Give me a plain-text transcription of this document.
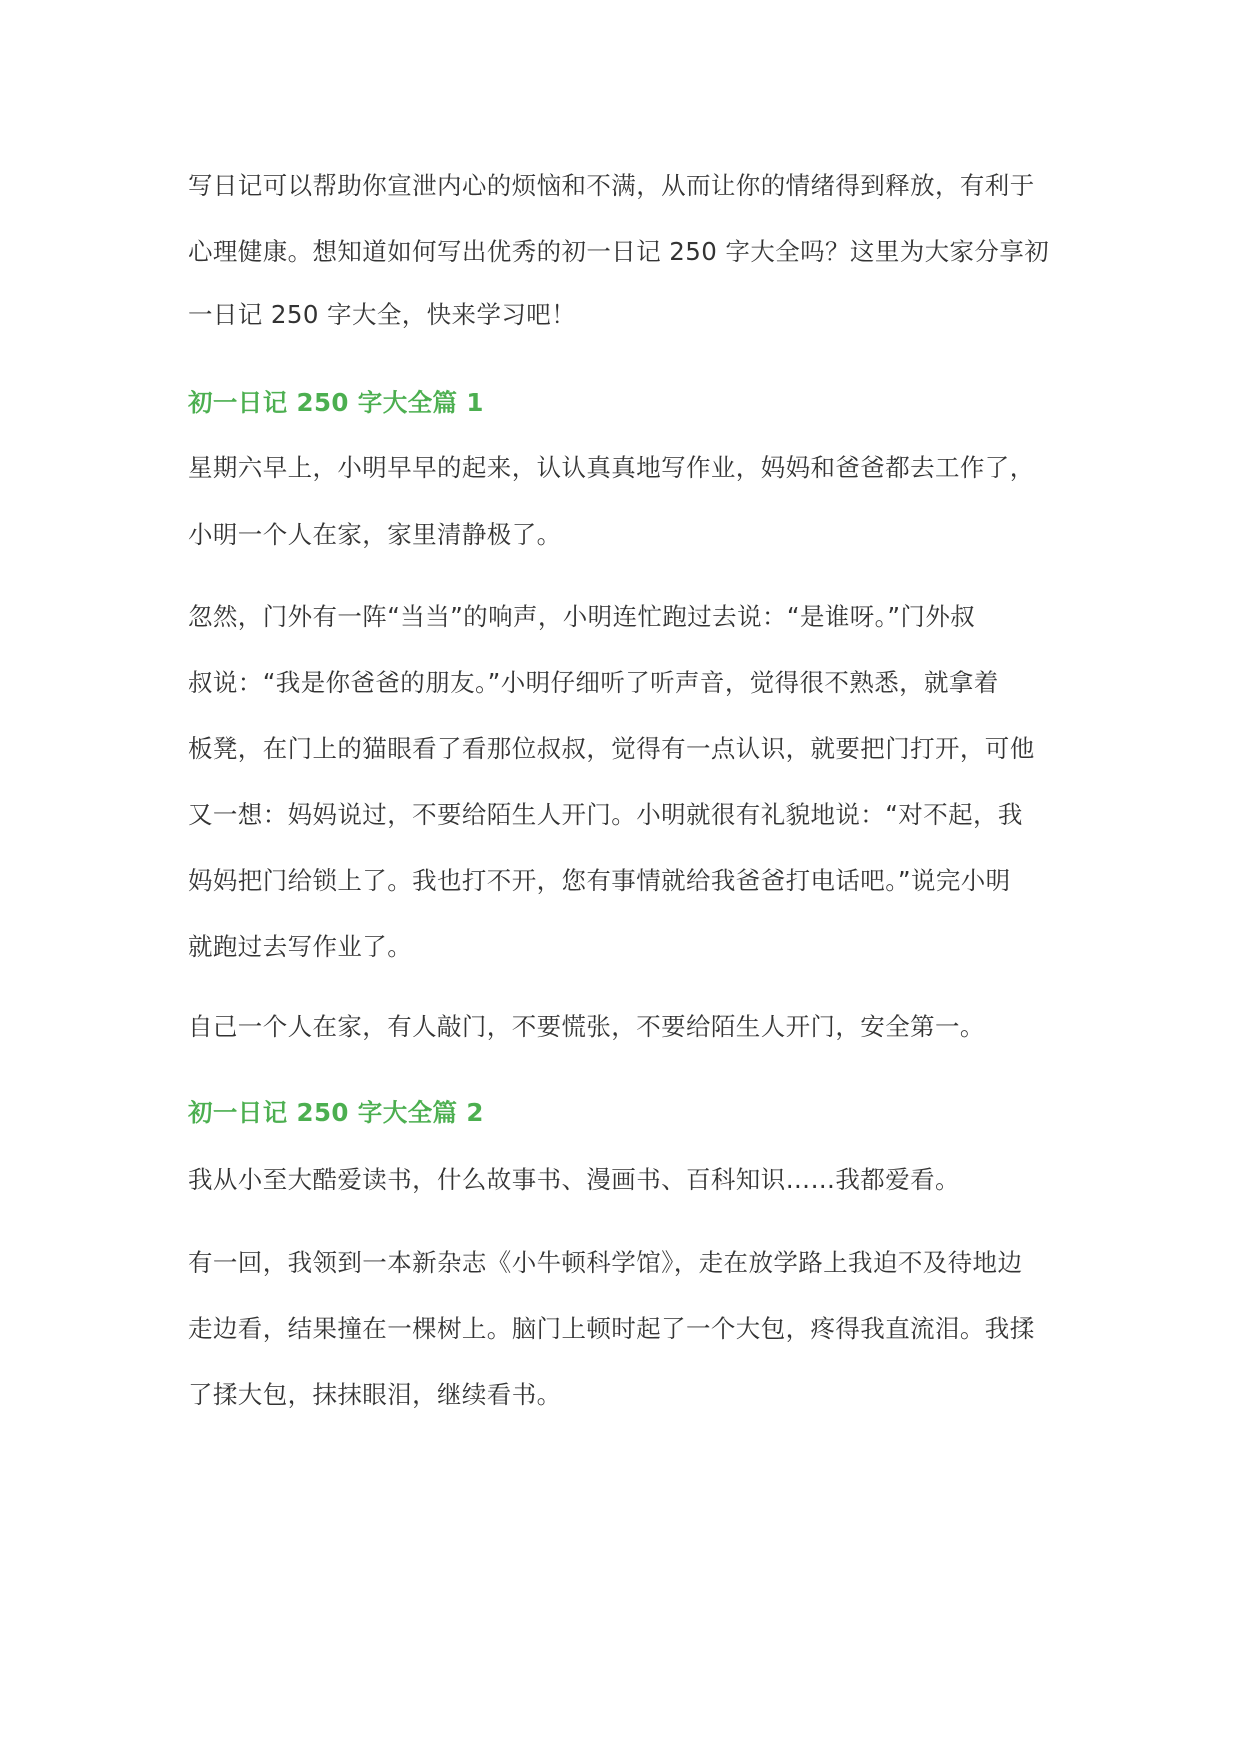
写日记可以帮助你宣泄内心的烦恼和不满，从而让你的情绪得到释放，有利于
心理健康。想知道如何写出优秀的初一日记 250 字大全吗？这里为大家分享初
一日记 250 字大全，快来学习吧！
初一日记 250 字大全篇 1
星期六早上，小明早早的起来，认认真真地写作业，妈妈和爸爸都去工作了，
小明一个人在家，家里清静极了。
忽然，门外有一阵“当当”的响声，小明连忙跑过去说：“是谁呀。”门外叔
叔说：“我是你爸爸的朋友。”小明仔细听了听声音，觉得很不熟悉，就拿着
板凳，在门上的猫眼看了看那位叔叔，觉得有一点认识，就要把门打开，可他
又一想：妈妈说过，不要给陌生人开门。小明就很有礼貌地说：“对不起，我
妈妈把门给锁上了。我也打不开，您有事情就给我爸爸打电话吧。”说完小明
就跑过去写作业了。
自己一个人在家，有人敲门，不要慌张，不要给陌生人开门，安全第一。
初一日记 250 字大全篇 2
我从小至大酷爱读书，什么故事书、漫画书、百科知识……我都爱看。
有一回，我领到一本新杂志《小牛顿科学馆》，走在放学路上我迫不及待地边
走边看，结果撞在一棵树上。脑门上顿时起了一个大包，疼得我直流泪。我揉
了揉大包，抹抹眼泪，继续看书。
